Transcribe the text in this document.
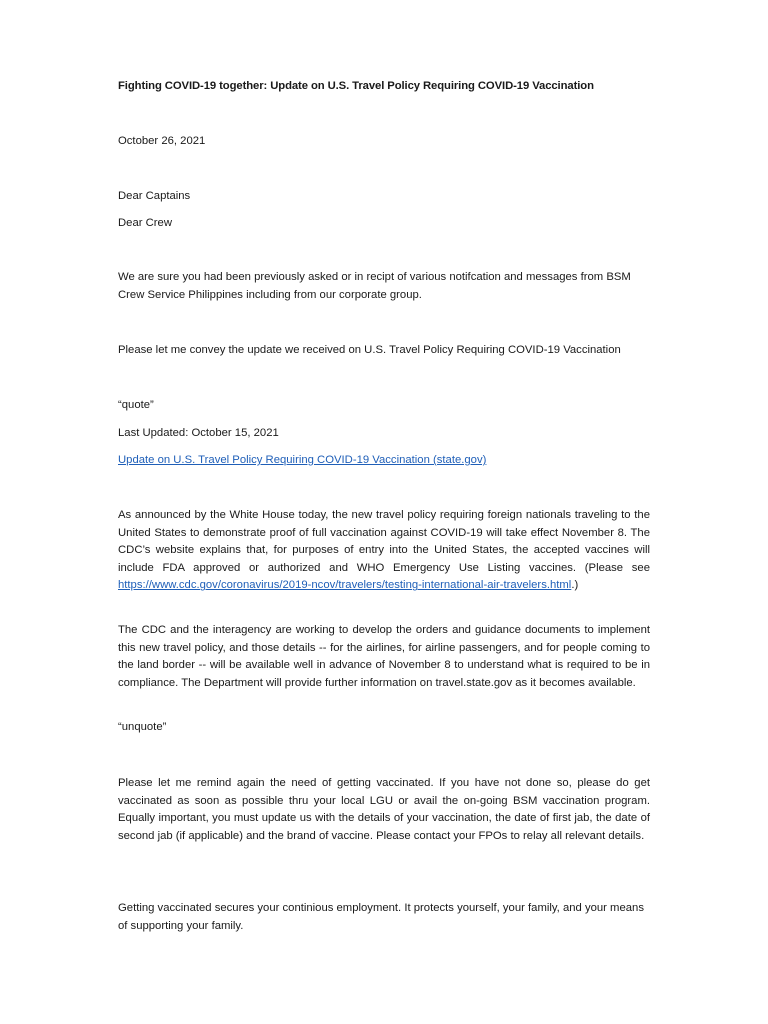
Fighting COVID-19 together: Update on U.S. Travel Policy Requiring COVID-19 Vaccination

October 26, 2021

Dear Captains

Dear Crew

We are sure you had been previously asked or in recipt of various notifcation and messages from BSM Crew Service Philippines including from our corporate group.

Please let me convey the update we received on U.S. Travel Policy Requiring COVID-19 Vaccination

“quote”

Last Updated: October 15, 2021

Update on U.S. Travel Policy Requiring COVID-19 Vaccination (state.gov)

As announced by the White House today, the new travel policy requiring foreign nationals traveling to the United States to demonstrate proof of full vaccination against COVID-19 will take effect November 8. The CDC’s website explains that, for purposes of entry into the United States, the accepted vaccines will include FDA approved or authorized and WHO Emergency Use Listing vaccines. (Please see https://www.cdc.gov/coronavirus/2019-ncov/travelers/testing-international-air-travelers.html.)

The CDC and the interagency are working to develop the orders and guidance documents to implement this new travel policy, and those details -- for the airlines, for airline passengers, and for people coming to the land border -- will be available well in advance of November 8 to understand what is required to be in compliance. The Department will provide further information on travel.state.gov as it becomes available.

“unquote”

Please let me remind again the need of getting vaccinated. If you have not done so, please do get vaccinated as soon as possible thru your local LGU or avail the on-going BSM vaccination program. Equally important, you must update us with the details of your vaccination, the date of first jab, the date of second jab (if applicable) and the brand of vaccine. Please contact your FPOs to relay all relevant details.

Getting vaccinated secures your continious employment. It protects yourself, your family, and your means of supporting your family.
